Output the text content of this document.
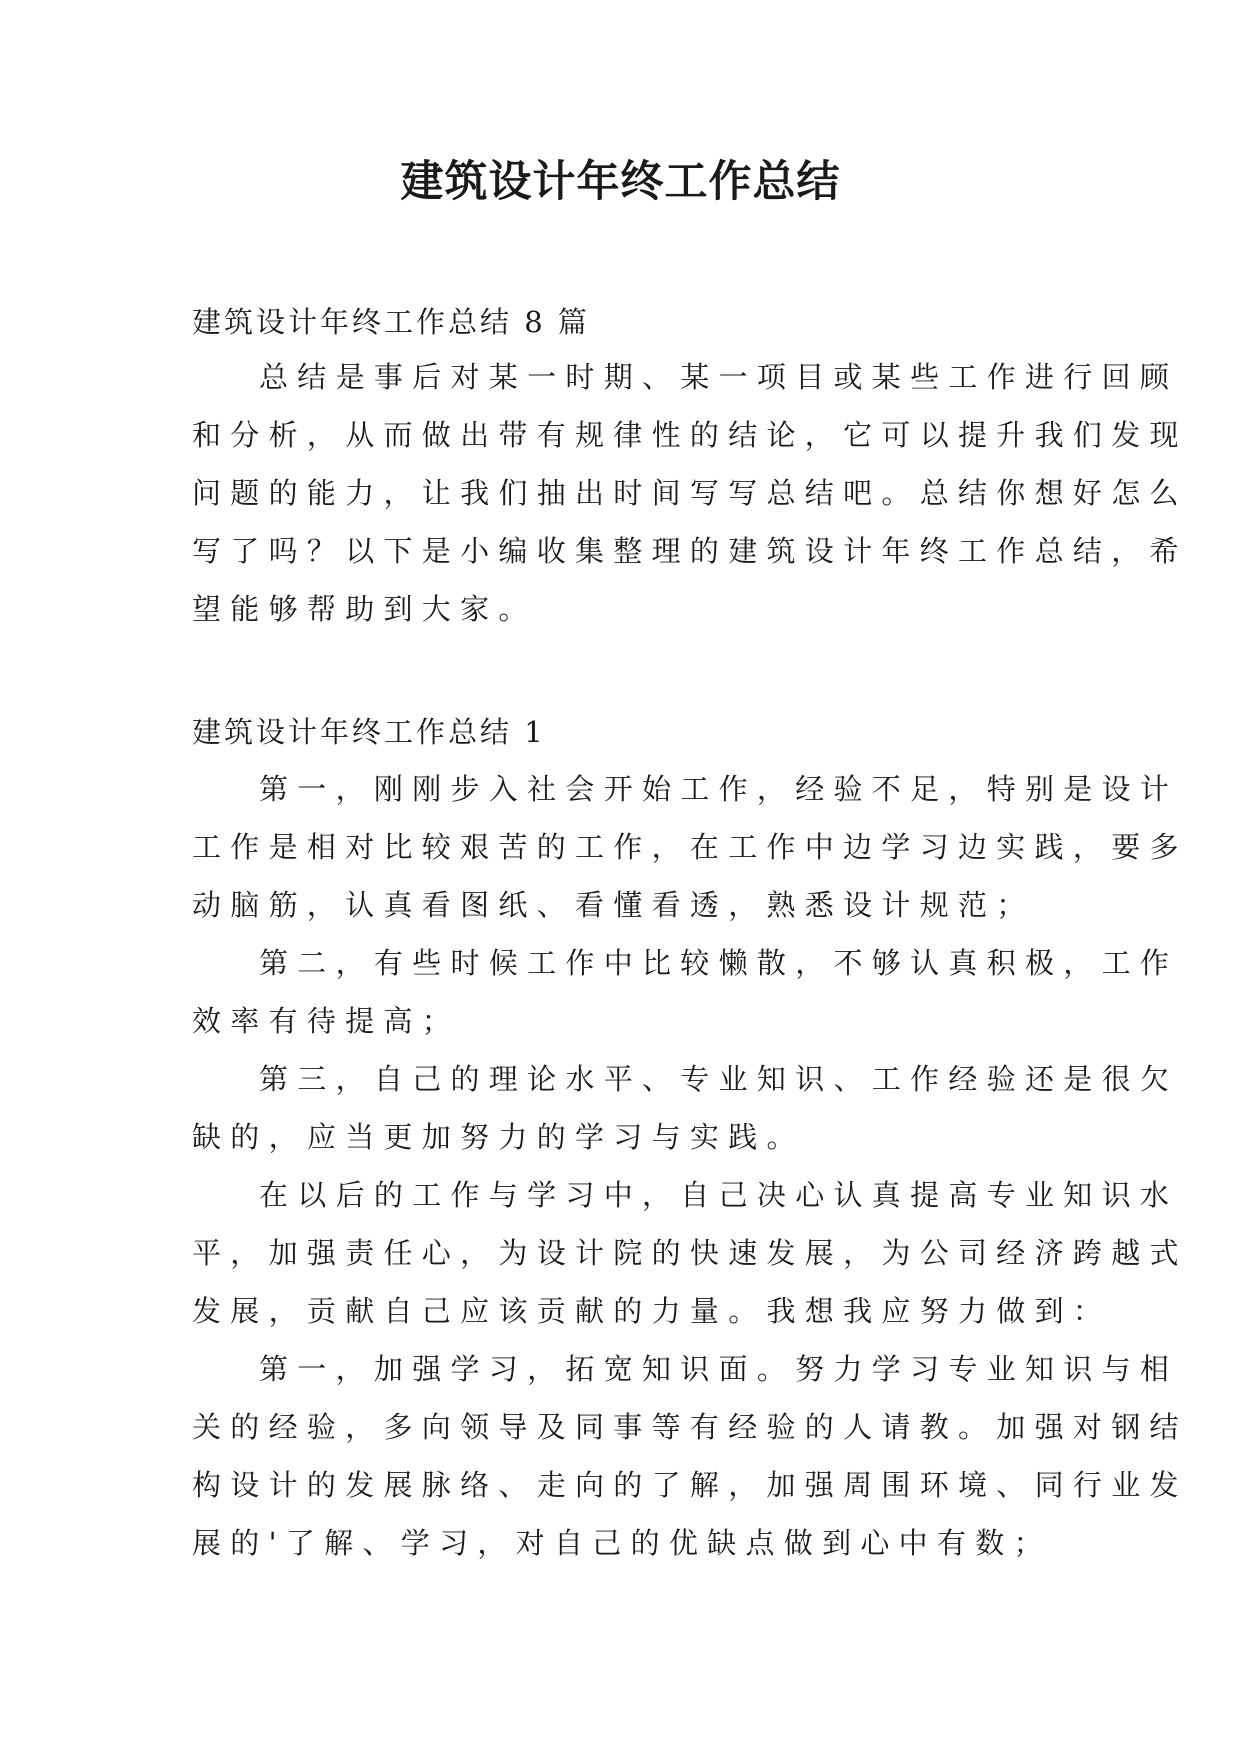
建筑设计年终工作总结
建筑设计年终工作总结 8 篇
总结是事后对某一时期、某一项目或某些工作进行回顾
和分析，从而做出带有规律性的结论，它可以提升我们发现
问题的能力，让我们抽出时间写写总结吧。总结你想好怎么
写了吗？以下是小编收集整理的建筑设计年终工作总结，希
望能够帮助到大家。
建筑设计年终工作总结 1
第一，刚刚步入社会开始工作，经验不足，特别是设计
工作是相对比较艰苦的工作，在工作中边学习边实践，要多
动脑筋，认真看图纸、看懂看透，熟悉设计规范；
第二，有些时候工作中比较懒散，不够认真积极，工作
效率有待提高；
第三，自己的理论水平、专业知识、工作经验还是很欠
缺的，应当更加努力的学习与实践。
在以后的工作与学习中，自己决心认真提高专业知识水
平，加强责任心，为设计院的快速发展，为公司经济跨越式
发展，贡献自己应该贡献的力量。我想我应努力做到：
第一，加强学习，拓宽知识面。努力学习专业知识与相
关的经验，多向领导及同事等有经验的人请教。加强对钢结
构设计的发展脉络、走向的了解，加强周围环境、同行业发
展的'了解、学习，对自己的优缺点做到心中有数；
